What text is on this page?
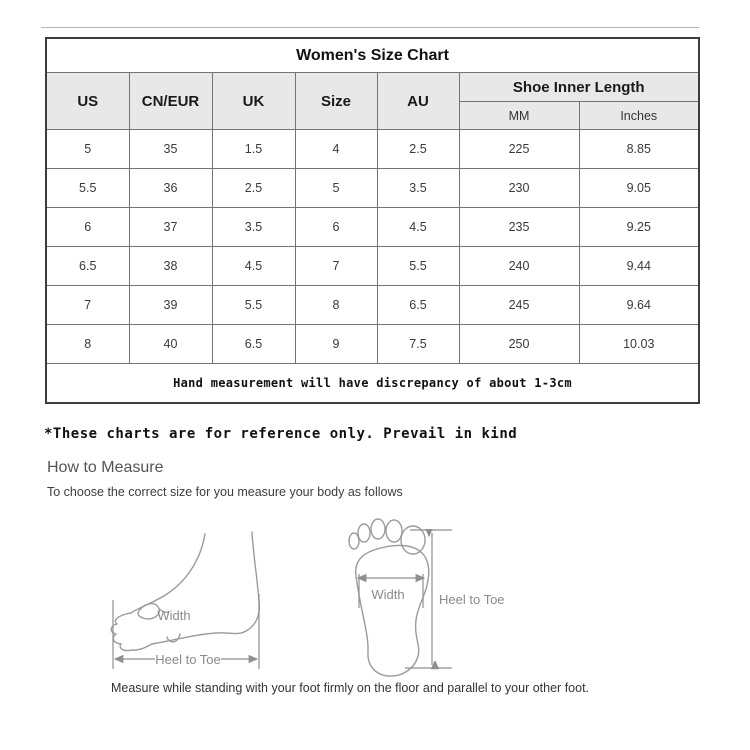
Women's Size Chart						
US	CN/EUR	UK	Size	AU	Shoe Inner Length	
					MM	Inches
5	35	1.5	4	2.5	225	8.85
5.5	36	2.5	5	3.5	230	9.05
6	37	3.5	6	4.5	235	9.25
6.5	38	4.5	7	5.5	240	9.44
7	39	5.5	8	6.5	245	9.64
8	40	6.5	9	7.5	250	10.03
Hand measurement will have discrepancy of about 1-3cm						
*These charts are for reference only. Prevail in kind
How to Measure
To choose the correct size for you measure your body as follows
Width
Heel to Toe
Width	Heel to Toe
Measure while standing with your foot firmly on the floor and parallel to your other foot.
